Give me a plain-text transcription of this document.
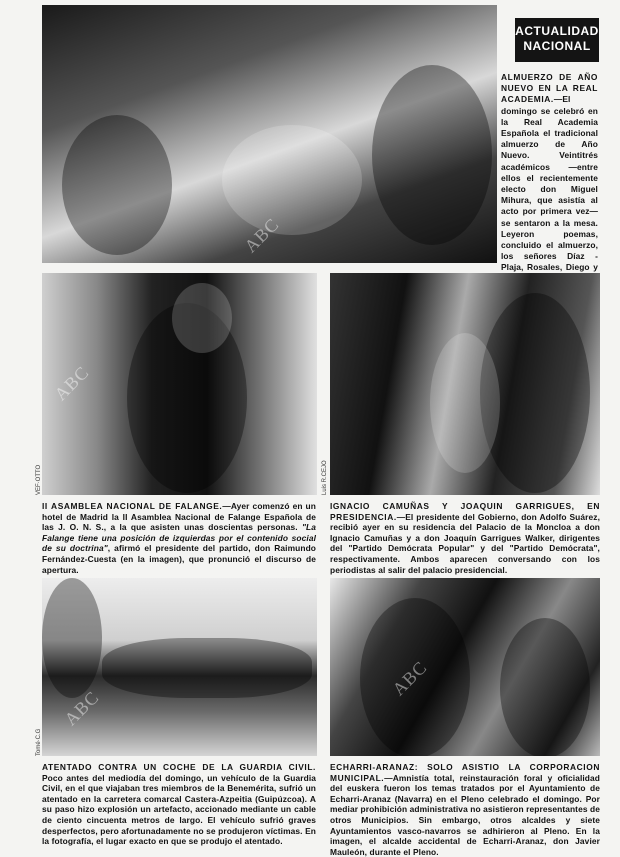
ACTUALIDAD
NACIONAL
ABC
ALMUERZO DE AÑO NUEVO EN LA REAL ACADEMIA.—El domingo se celebró en la Real Academia Española el tradicional almuerzo de Año Nuevo. Veintitrés académicos —entre ellos el recientemente electo don Miguel Mihura, que asistía al acto por primera vez— se sentaron a la mesa. Leyeron poemas, concluido el almuerzo, los señores Díaz - Plaja, Rosales, Diego y
ABC
VEF·OTTO	Luis R.CEJO
II ASAMBLEA NACIONAL DE FALANGE.—Ayer comenzó en un hotel de Madrid la II Asamblea Nacional de Falange Española de las J. O. N. S., a la que asisten unas doscientas personas. "La Falange tiene una posición de izquierdas por el contenido social de su doctrina", afirmó el presidente del partido, don Raimundo Fernández-Cuesta (en la imagen), que pronunció el discurso de apertura.
IGNACIO CAMUÑAS Y JOAQUIN GARRIGUES, EN PRESIDENCIA.—El presidente del Gobierno, don Adolfo Suárez, recibió ayer en su residencia del Palacio de la Moncloa a don Ignacio Camuñas y a don Joaquín Garrigues Walker, dirigentes del "Partido Demócrata Popular" y del "Partido Demócrata", respectivamente. Ambos aparecen conversando con los periodistas al salir del palacio presidencial.
ABC
Tomé·C.G
ABC
ATENTADO CONTRA UN COCHE DE LA GUARDIA CIVIL. Poco antes del mediodía del domingo, un vehículo de la Guardia Civil, en el que viajaban tres miembros de la Benemérita, sufrió un atentado en la carretera comarcal Castera-Azpeitia (Guipúzcoa). A su paso hizo explosión un artefacto, accionado mediante un cable de ciento cincuenta metros de largo. El vehículo sufrió graves desperfectos, pero afortunadamente no se produjeron víctimas. En la fotografía, el lugar exacto en que se produjo el atentado.
ECHARRI-ARANAZ: SOLO ASISTIO LA CORPORACION MUNICIPAL.—Amnistía total, reinstauración foral y oficialidad del euskera fueron los temas tratados por el Ayuntamiento de Echarri-Aranaz (Navarra) en el Pleno celebrado el domingo. Por mediar prohibición administrativa no asistieron representantes de otros Municipios. Sin embargo, otros alcaldes y siete Ayuntamientos vasco-navarros se adhirieron al Pleno. En la imagen, el alcalde accidental de Echarri-Aranaz, don Javier Mauleón, durante el Pleno.
